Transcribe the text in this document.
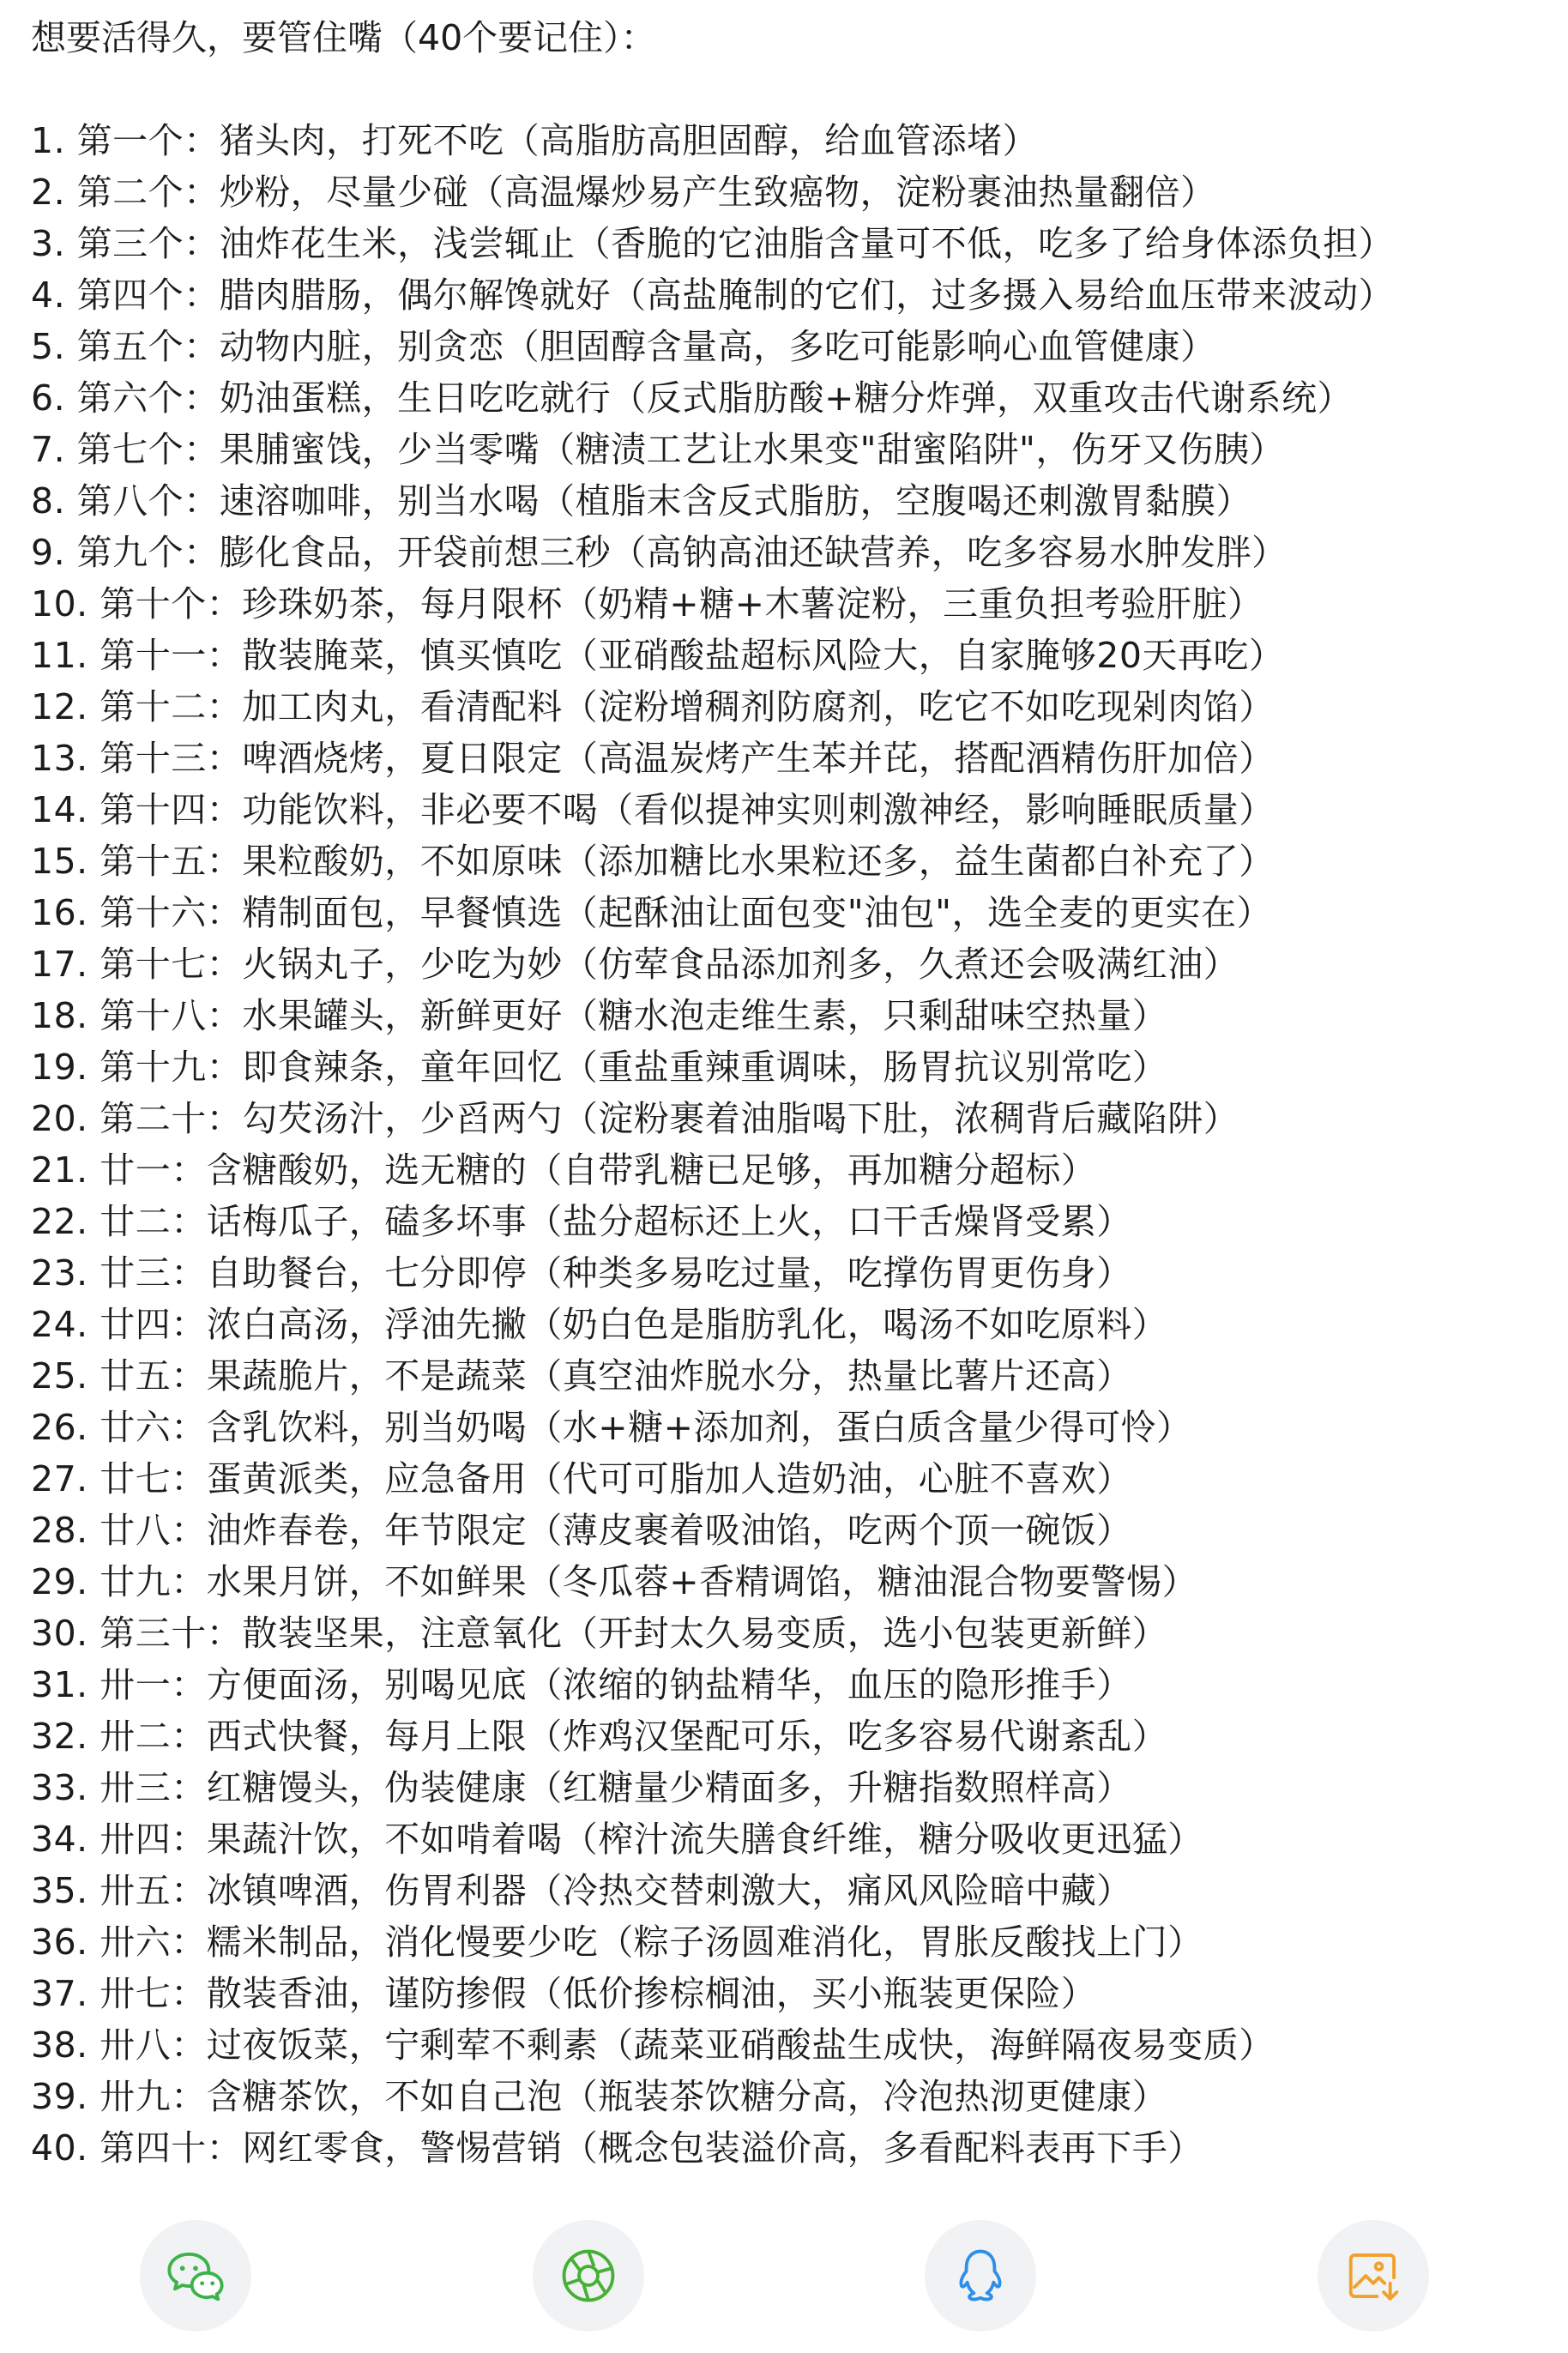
想要活得久，要管住嘴（40个要记住）：
1. 第一个：猪头肉，打死不吃（高脂肪高胆固醇，给血管添堵）
2. 第二个：炒粉，尽量少碰（高温爆炒易产生致癌物，淀粉裹油热量翻倍）
3. 第三个：油炸花生米，浅尝辄止（香脆的它油脂含量可不低，吃多了给身体添负担）
4. 第四个：腊肉腊肠，偶尔解馋就好（高盐腌制的它们，过多摄入易给血压带来波动）
5. 第五个：动物内脏，别贪恋（胆固醇含量高，多吃可能影响心血管健康）
6. 第六个：奶油蛋糕，生日吃吃就行（反式脂肪酸+糖分炸弹，双重攻击代谢系统）
7. 第七个：果脯蜜饯，少当零嘴（糖渍工艺让水果变"甜蜜陷阱"，伤牙又伤胰）
8. 第八个：速溶咖啡，别当水喝（植脂末含反式脂肪，空腹喝还刺激胃黏膜）
9. 第九个：膨化食品，开袋前想三秒（高钠高油还缺营养，吃多容易水肿发胖）
10. 第十个：珍珠奶茶，每月限杯（奶精+糖+木薯淀粉，三重负担考验肝脏）
11. 第十一：散装腌菜，慎买慎吃（亚硝酸盐超标风险大，自家腌够20天再吃）
12. 第十二：加工肉丸，看清配料（淀粉增稠剂防腐剂，吃它不如吃现剁肉馅）
13. 第十三：啤酒烧烤，夏日限定（高温炭烤产生苯并芘，搭配酒精伤肝加倍）
14. 第十四：功能饮料，非必要不喝（看似提神实则刺激神经，影响睡眠质量）
15. 第十五：果粒酸奶，不如原味（添加糖比水果粒还多，益生菌都白补充了）
16. 第十六：精制面包，早餐慎选（起酥油让面包变"油包"，选全麦的更实在）
17. 第十七：火锅丸子，少吃为妙（仿荤食品添加剂多，久煮还会吸满红油）
18. 第十八：水果罐头，新鲜更好（糖水泡走维生素，只剩甜味空热量）
19. 第十九：即食辣条，童年回忆（重盐重辣重调味，肠胃抗议别常吃）
20. 第二十：勾芡汤汁，少舀两勺（淀粉裹着油脂喝下肚，浓稠背后藏陷阱）
21. 廿一：含糖酸奶，选无糖的（自带乳糖已足够，再加糖分超标）
22. 廿二：话梅瓜子，磕多坏事（盐分超标还上火，口干舌燥肾受累）
23. 廿三：自助餐台，七分即停（种类多易吃过量，吃撑伤胃更伤身）
24. 廿四：浓白高汤，浮油先撇（奶白色是脂肪乳化，喝汤不如吃原料）
25. 廿五：果蔬脆片，不是蔬菜（真空油炸脱水分，热量比薯片还高）
26. 廿六：含乳饮料，别当奶喝（水+糖+添加剂，蛋白质含量少得可怜）
27. 廿七：蛋黄派类，应急备用（代可可脂加人造奶油，心脏不喜欢）
28. 廿八：油炸春卷，年节限定（薄皮裹着吸油馅，吃两个顶一碗饭）
29. 廿九：水果月饼，不如鲜果（冬瓜蓉+香精调馅，糖油混合物要警惕）
30. 第三十：散装坚果，注意氧化（开封太久易变质，选小包装更新鲜）
31. 卅一：方便面汤，别喝见底（浓缩的钠盐精华，血压的隐形推手）
32. 卅二：西式快餐，每月上限（炸鸡汉堡配可乐，吃多容易代谢紊乱）
33. 卅三：红糖馒头，伪装健康（红糖量少精面多，升糖指数照样高）
34. 卅四：果蔬汁饮，不如啃着喝（榨汁流失膳食纤维，糖分吸收更迅猛）
35. 卅五：冰镇啤酒，伤胃利器（冷热交替刺激大，痛风风险暗中藏）
36. 卅六：糯米制品，消化慢要少吃（粽子汤圆难消化，胃胀反酸找上门）
37. 卅七：散装香油，谨防掺假（低价掺棕榈油，买小瓶装更保险）
38. 卅八：过夜饭菜，宁剩荤不剩素（蔬菜亚硝酸盐生成快，海鲜隔夜易变质）
39. 卅九：含糖茶饮，不如自己泡（瓶装茶饮糖分高，冷泡热沏更健康）
40. 第四十：网红零食，警惕营销（概念包装溢价高，多看配料表再下手）
